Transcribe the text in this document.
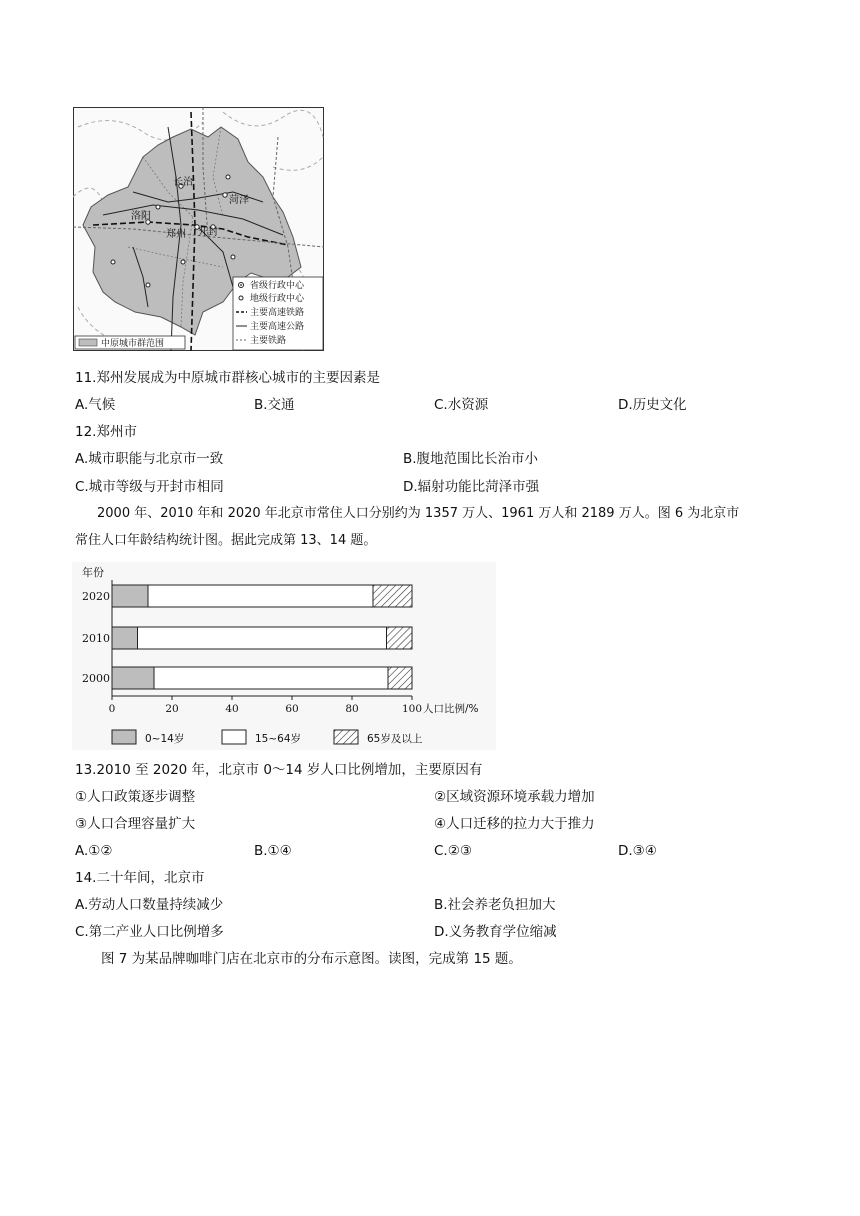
长治
菏泽
洛阳
郑州 开封
省级行政中心
地级行政中心
主要高速铁路
主要高速公路
主要铁路
中原城市群范围
11.郑州发展成为中原城市群核心城市的主要因素是
A.气候	B.交通	C.水资源	D.历史文化
12.郑州市
A.城市职能与北京市一致	B.腹地范围比长治市小
C.城市等级与开封市相同	D.辐射功能比菏泽市强
2000 年、2010 年和 2020 年北京市常住人口分别约为 1357 万人、1961 万人和 2189 万人。图 6 为北京市
常住人口年龄结构统计图。据此完成第 13、14 题。
年份
2020
2010
2000
0	20	40	60	80	100 人口比例/%
0~14岁	15~64岁	65岁及以上
13.2010 至 2020 年，北京市 0～14 岁人口比例增加，主要原因有
①人口政策逐步调整	②区域资源环境承载力增加
③人口合理容量扩大	④人口迁移的拉力大于推力
A.①②	B.①④	C.②③	D.③④
14.二十年间，北京市
A.劳动人口数量持续减少	B.社会养老负担加大
C.第二产业人口比例增多	D.义务教育学位缩减
图 7 为某品牌咖啡门店在北京市的分布示意图。读图，完成第 15 题。
